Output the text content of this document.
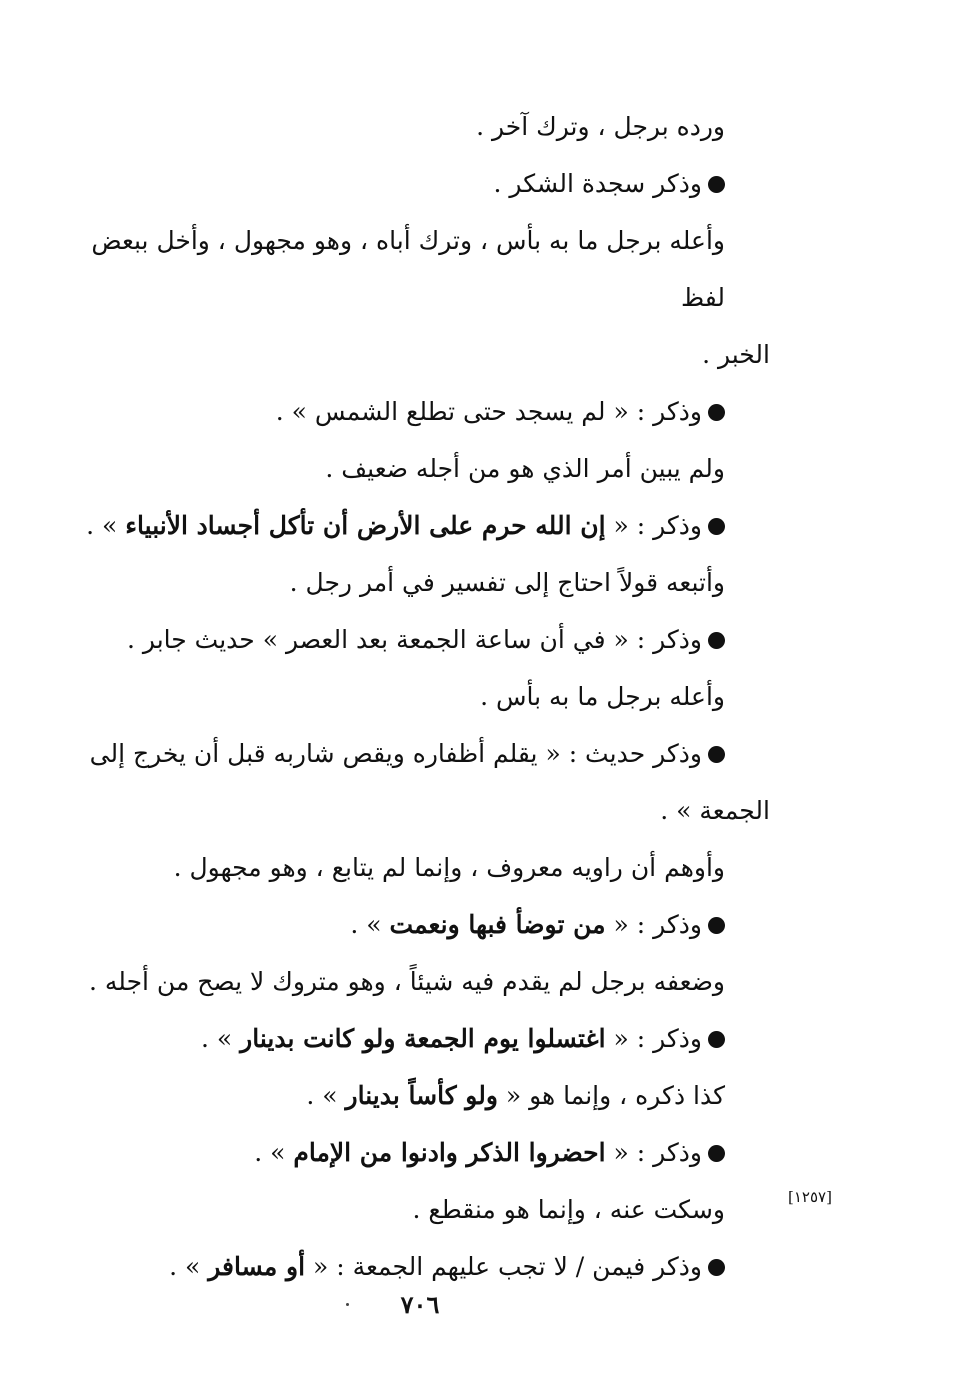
ورده برجل ، وترك آخر .

وذكر سجدة الشكر .

وأعله برجل ما به بأس ، وترك أباه ، وهو مجهول ، وأخل ببعض لفظ
الخبر .

وذكر : « لم يسجد حتى تطلع الشمس » .

ولم يبين أمر الذي هو من أجله ضعيف .

وذكر : « إن الله حرم على الأرض أن تأكل أجساد الأنبياء » .

وأتبعه قولاً احتاج إلى تفسير في أمر رجل .

وذكر : « في أن ساعة الجمعة بعد العصر » حديث جابر .

وأعله برجل ما به بأس .

وذكر حديث : « يقلم أظفاره ويقص شاربه قبل أن يخرج إلى
الجمعة » .

وأوهم أن راويه معروف ، وإنما لم يتابع ، وهو مجهول .

وذكر : « من توضأ فبها ونعمت » .

وضعفه برجل لم يقدم فيه شيئاً ، وهو متروك لا يصح من أجله .

وذكر : « اغتسلوا يوم الجمعة ولو كانت بدينار » .

كذا ذكره ، وإنما هو « ولو كأساً بدينار » .

وذكر : « احضروا الذكر وادنوا من الإمام » .

وسكت عنه ، وإنما هو منقطع .

وذكر فيمن / لا تجب عليهم الجمعة : « أو مسافر » .

[١٢٥٧]
٧٠٦
